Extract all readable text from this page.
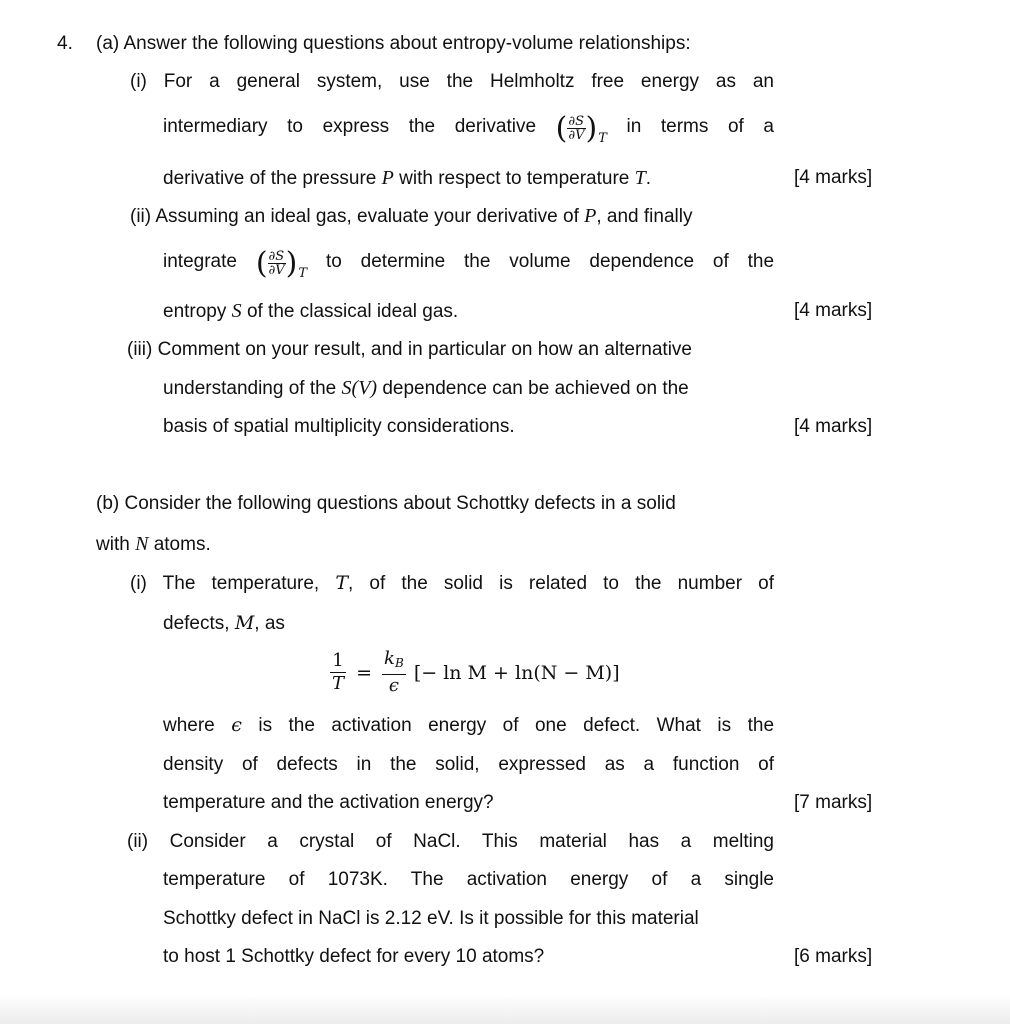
4. (a) Answer the following questions about entropy-volume relationships:
(i) For a general system, use the Helmholtz free energy as an
intermediary to express the derivative ( $\frac{\partial S}{\partial V} )_T$ in terms of a
derivative of the pressure P with respect to temperature T.	[4 marks]
(ii) Assuming an ideal gas, evaluate your derivative of P, and finally
integrate ( $\frac{\partial S}{\partial V} )_T$ to determine the volume dependence of the
entropy S of the classical ideal gas.	[4 marks]
(iii) Comment on your result, and in particular on how an alternative
understanding of the S(V) dependence can be achieved on the
basis of spatial multiplicity considerations.	[4 marks]
(b) Consider the following questions about Schottky defects in a solid
with N atoms.
(i) The temperature, T, of the solid is related to the number of
defects, M, as
$\frac{1}{T} = \frac{kB}{\epsilon}$ [− ln M + ln(N − M)]
where ϵ is the activation energy of one defect. What is the
density of defects in the solid, expressed as a function of
temperature and the activation energy?	[7 marks]
(ii) Consider a crystal of NaCl. This material has a melting
temperature of 1073K. The activation energy of a single
Schottky defect in NaCl is 2.12 eV. Is it possible for this material
to host 1 Schottky defect for every 10 atoms?	[6 marks]
